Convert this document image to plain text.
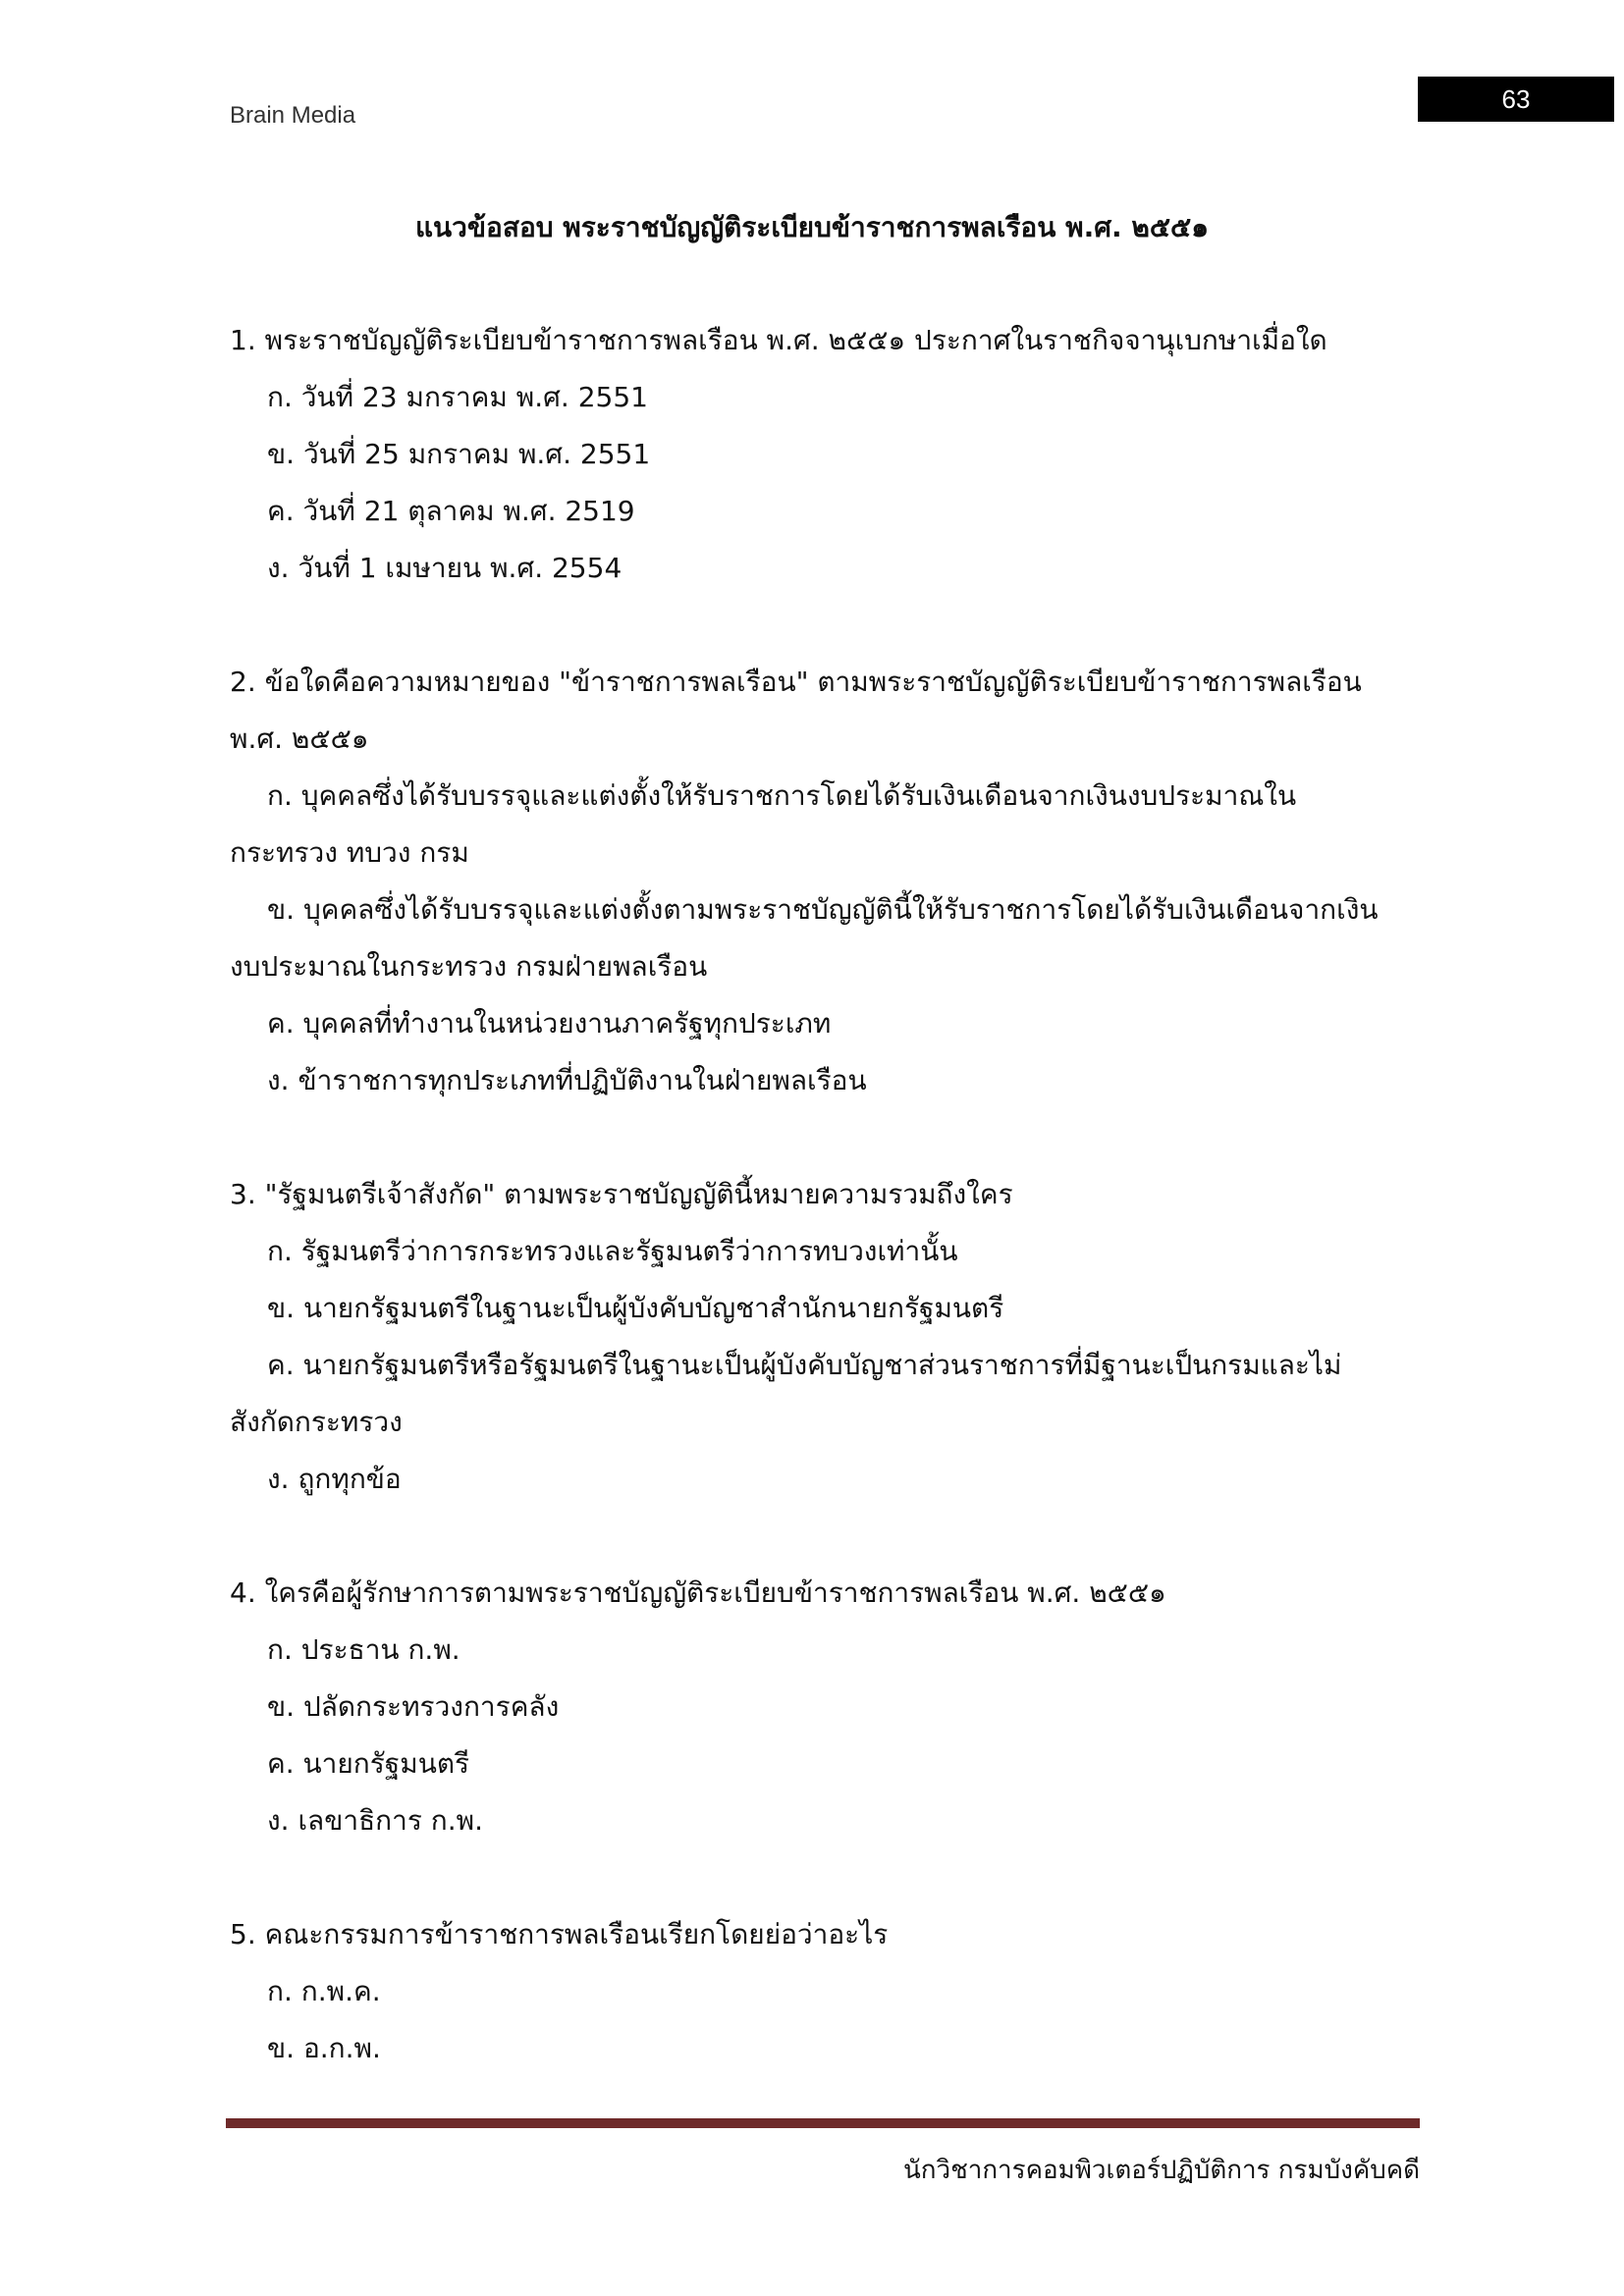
Brain Media
63
แนวข้อสอบ พระราชบัญญัติระเบียบข้าราชการพลเรือน พ.ศ. ๒๕๕๑
1. พระราชบัญญัติระเบียบข้าราชการพลเรือน พ.ศ. ๒๕๕๑ ประกาศในราชกิจจานุเบกษาเมื่อใด
ก. วันที่ 23 มกราคม พ.ศ. 2551
ข. วันที่ 25 มกราคม พ.ศ. 2551
ค. วันที่ 21 ตุลาคม พ.ศ. 2519
ง. วันที่ 1 เมษายน พ.ศ. 2554
2. ข้อใดคือความหมายของ "ข้าราชการพลเรือน" ตามพระราชบัญญัติระเบียบข้าราชการพลเรือน พ.ศ. ๒๕๕๑
ก. บุคคลซึ่งได้รับบรรจุและแต่งตั้งให้รับราชการโดยได้รับเงินเดือนจากเงินงบประมาณในกระทรวง ทบวง กรม
ข. บุคคลซึ่งได้รับบรรจุและแต่งตั้งตามพระราชบัญญัตินี้ให้รับราชการโดยได้รับเงินเดือนจากเงินงบประมาณในกระทรวง กรมฝ่ายพลเรือน
ค. บุคคลที่ทำงานในหน่วยงานภาครัฐทุกประเภท
ง. ข้าราชการทุกประเภทที่ปฏิบัติงานในฝ่ายพลเรือน
3. "รัฐมนตรีเจ้าสังกัด" ตามพระราชบัญญัตินี้หมายความรวมถึงใคร
ก. รัฐมนตรีว่าการกระทรวงและรัฐมนตรีว่าการทบวงเท่านั้น
ข. นายกรัฐมนตรีในฐานะเป็นผู้บังคับบัญชาสำนักนายกรัฐมนตรี
ค. นายกรัฐมนตรีหรือรัฐมนตรีในฐานะเป็นผู้บังคับบัญชาส่วนราชการที่มีฐานะเป็นกรมและไม่สังกัดกระทรวง
ง. ถูกทุกข้อ
4. ใครคือผู้รักษาการตามพระราชบัญญัติระเบียบข้าราชการพลเรือน พ.ศ. ๒๕๕๑
ก. ประธาน ก.พ.
ข. ปลัดกระทรวงการคลัง
ค. นายกรัฐมนตรี
ง. เลขาธิการ ก.พ.
5. คณะกรรมการข้าราชการพลเรือนเรียกโดยย่อว่าอะไร
ก. ก.พ.ค.
ข. อ.ก.พ.
นักวิชาการคอมพิวเตอร์ปฏิบัติการ กรมบังคับคดี
